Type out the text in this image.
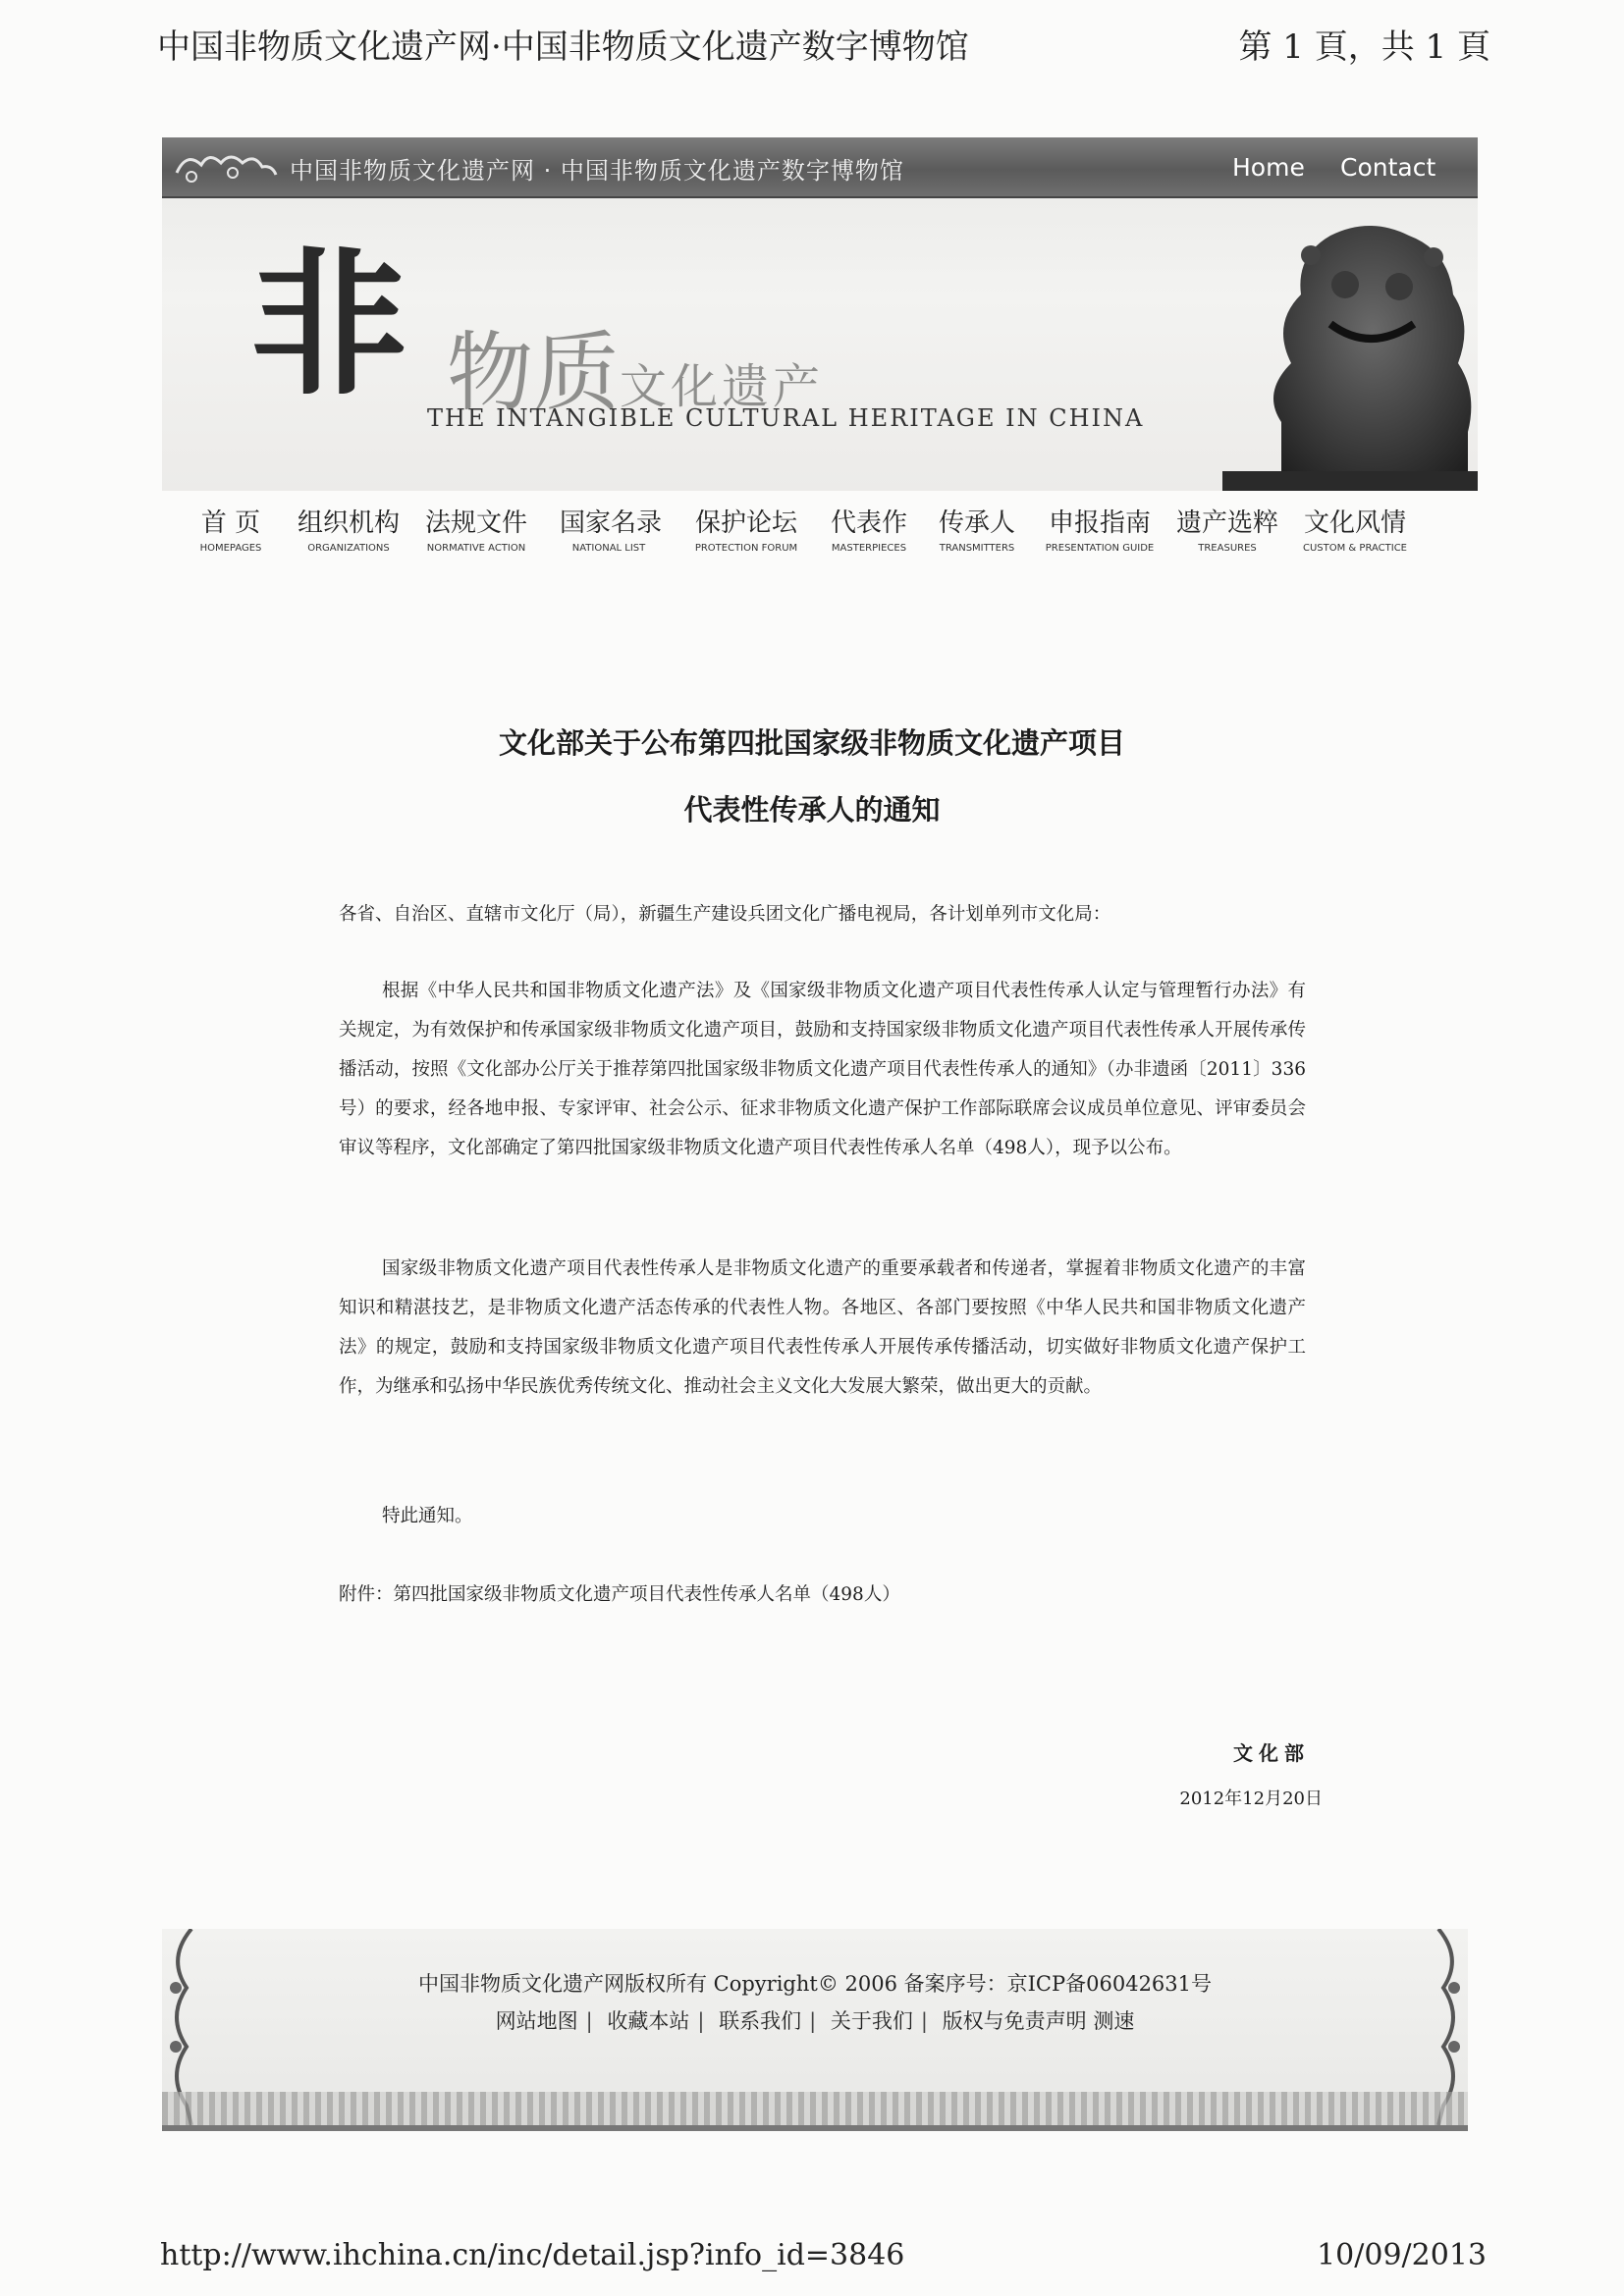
中国非物质文化遗产网·中国非物质文化遗产数字博物馆	第 1 頁，共 1 頁
中国非物质文化遗产网 · 中国非物质文化遗产数字博物馆	Home Contact
非 物质文化遗产
THE INTANGIBLE CULTURAL HERITAGE IN CHINA
首 页
HOMEPAGES
组织机构
ORGANIZATIONS
法规文件
NORMATIVE ACTION
国家名录
NATIONAL LIST
保护论坛
PROTECTION FORUM
代表作
MASTERPIECES
传承人
TRANSMITTERS
申报指南
PRESENTATION GUIDE
遗产选粹
TREASURES
文化风情
CUSTOM & PRACTICE
文化部关于公布第四批国家级非物质文化遗产项目
代表性传承人的通知
各省、自治区、直辖市文化厅（局），新疆生产建设兵团文化广播电视局，各计划单列市文化局：

根据《中华人民共和国非物质文化遗产法》及《国家级非物质文化遗产项目代表性传承人认定与管理暂行办法》有关规定，为有效保护和传承国家级非物质文化遗产项目，鼓励和支持国家级非物质文化遗产项目代表性传承人开展传承传播活动，按照《文化部办公厅关于推荐第四批国家级非物质文化遗产项目代表性传承人的通知》（办非遗函〔2011〕336号）的要求，经各地申报、专家评审、社会公示、征求非物质文化遗产保护工作部际联席会议成员单位意见、评审委员会审议等程序，文化部确定了第四批国家级非物质文化遗产项目代表性传承人名单（498人），现予以公布。

国家级非物质文化遗产项目代表性传承人是非物质文化遗产的重要承载者和传递者，掌握着非物质文化遗产的丰富知识和精湛技艺，是非物质文化遗产活态传承的代表性人物。各地区、各部门要按照《中华人民共和国非物质文化遗产法》的规定，鼓励和支持国家级非物质文化遗产项目代表性传承人开展传承传播活动，切实做好非物质文化遗产保护工作，为继承和弘扬中华民族优秀传统文化、推动社会主义文化大发展大繁荣，做出更大的贡献。

特此通知。
附件：第四批国家级非物质文化遗产项目代表性传承人名单（498人）
文化部
2012年12月20日
中国非物质文化遗产网版权所有 Copyright© 2006 备案序号：京ICP备06042631号
网站地图 | 收藏本站 | 联系我们 | 关于我们 | 版权与免责声明 测速
http://www.ihchina.cn/inc/detail.jsp?info_id=3846	10/09/2013
